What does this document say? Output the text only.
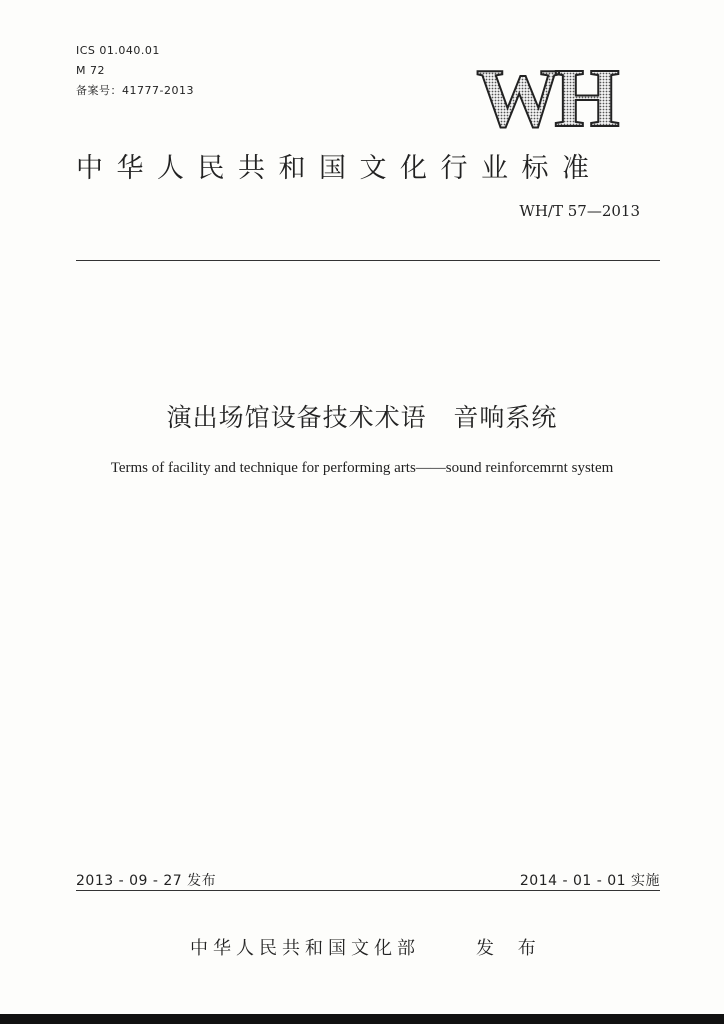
ICS 01.040.01
M 72
备案号：41777-2013	WH
中华人民共和国文化行业标准
WH/T 57—2013
演出场馆设备技术术语   音响系统
Terms of facility and technique for performing arts——sound reinforcemrnt system
2013 - 09 - 27 发布	2014 - 01 - 01 实施
中华人民共和国文化部	发 布
